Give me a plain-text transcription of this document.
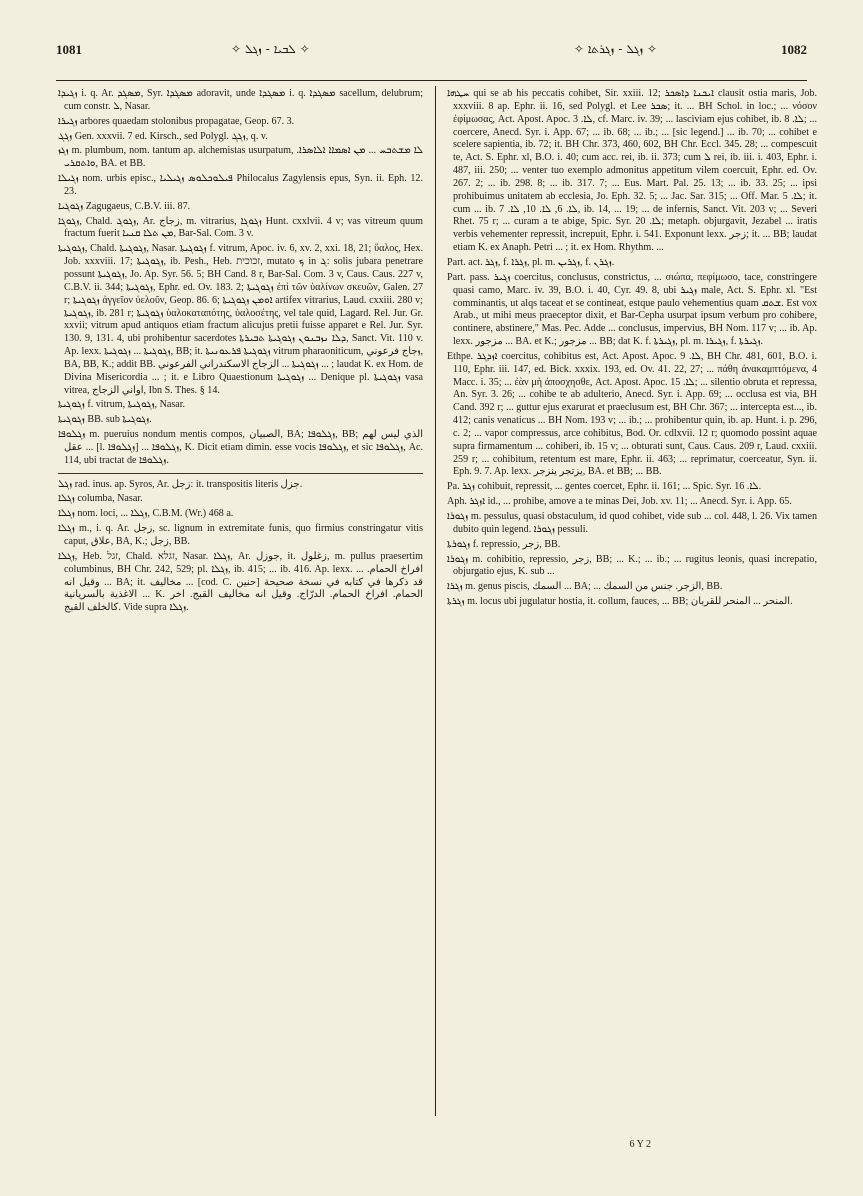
1081	✧ ܠܒܝܐ - ܙܓܠ ✧	✧ ܙܓܠ - ܙܓܪܬܐ ✧	1082

ܙܓܝܕܐ i. q. Ar. ܡܣܓܕ, Syr. ܡܣܓܕܐ adoravit, unde ܡܣܓܕܐ i. q. ܡܣܓܕܐ sacellum, delubrum; cum constr. ܠ, Nasar.

ܙܓܝܪܐ arbores quaedam stolonibus propagatae, Geop. 67. 3.

ܙܓܓ Gen. xxxvii. 7 ed. Kirsch., sed Polygl. ܙܓܓ, q. v.

ܙܓܙ m. plumbum, nom. tantum ap. alchemistas usurpatum, ܠܐ ܡܫܬܒܚ ... ܡܢ ܐܣܡܐܐ ܐܠܐܣܪܐ. ܘܐܬܩܪܝ, BA. et BB.

ܙܓܝܠܐ nom. urbis episc., ܦܝܠܘܟܠܘܣ ܙܓܝܠܝܐ Philocalus Zagylensis epus, Syn. ii. Eph. 12. 23.

ܙܓܘܓܝܐ Zagugaeus, C.B.V. iii. 87.

ܙܓܘܓܐ, Chald. ܙܓܘܓ, Ar. زجاج, m. vitrarius, ܙܓܘܓܐ Hunt. cxxlvii. 4 v; vas vitreum quum fractum fuerit ܡܢ ܬܠܐ ܩܢܝܐ, Bar-Sal. Com. 3 v.

ܙܓܘܓܝܬܐ, Chald. ܙܓܘܓܝܬܐ, Nasar. ܙܓܘܓܝܬܐ f. vitrum, Apoc. iv. 6, xv. 2, xxi. 18, 21; ὕαλος, Hex. Job. xxxviii. 17; ܙܓܘܓܝܬܐ, ib. Pesh., Heb. זכוכית, mutato ܟ in ܓ: solis jubara penetrare possunt ܙܓܘܓܝܬܐ, Jo. Ap. Syr. 56. 5; BH Cand. 8 r, Bar-Sal. Com. 3 v, Caus. Caus. 227 v, C.B.V. ii. 344; ܙܓܘܓܝܬܐ, Ephr. ed. Ov. 183. 2; ܙܓܘܓܝܬܐ ἐπὶ τῶν ὑαλίνων σκευῶν, Galen. 27 r; ܙܓܘܓܝܬܐ ἀγγεῖον ὑελοῦν, Geop. 86. 6; ܐܘܡܢ ܙܓܘܓܝܬܐ artifex vitrarius, Laud. cxxiii. 280 v; ܙܓܘܓܝܬܐ, ib. 281 r; ܙܓܘܓܝܬܐ ὑαλοκαταπότης, ὑαλοσέτης, vel tale quid, Lagard. Rel. Jur. Gr. xxvii; vitrum apud antiquos etiam fractum alicujus pretii fuisse apparet e Rel. Jur. Syr. 130. 9, 131. 4, ubi prohibentur sacerdotes ܕܠܐ ܢܙܒܢܘܢ ܙܓܘܓܝܬܐ ܬܒܝܪܬܐ, Sanct. Vit. 110 v. Ap. lexx. ܙܓܘܓܝܬܐ ... ܙܓܘܓܝܬܐ, BB; it. ܙܓܘܓܝܬܐ ܦܪܥܘܢܝܬܐ vitrum pharaoniticum, ܙجاج فرعوني, BA, BB, K.; addit BB. ܙܓܘܓܝܬܐ ... الزجاج الاسكندراني الفرعوني ... ; laudat K. ex Hom. de Divina Misericordia ... ; it. e Libro Quaestionum ܙܓܘܓܝܬܐ ... Denique pl. ܙܓܘܓܝܬܐ vasa vitrea, اواني الزجاج, Ibn S. Thes. § 14.

ܙܓܘܓܝܬܐ f. vitrum, ܙܓܘܓܝܬܐ, Nasar.

ܙܓܘܓܝܬܐ BB. sub ܙܓܘܓܝܬܐ.

ܙܓܠܘܦܐ m. pueruius nondum mentis compos, الصبيان, BA; ܙܓܠܘܦܐ, BB; الذي ليس لهم عقل ... [l. ܙܓܠܘܦܐ] ... ܙܓܠܘܦܐ, K. Dicit etiam dimin. esse vocis ܙܓܠܘܦܐ, et sic ܙܓܠܘܦܐ, Ac. 114, ubi tractat de ܙܓܠܘܦܐ.

ܙܓܠ rad. inus. ap. Syros, Ar. زجل: it. transpositis literis جزل.

ܙܓܠܐ columba, Nasar.

ܙܓܠܐ nom. loci, ... ܙܓܠܐ, C.B.M. (Wr.) 468 a.

ܙܓܠܐ m., i. q. Ar. زجل, sc. lignum in extremitate funis, quo firmius constringatur vitis caput, علاق, BA, K.; زجل, BB.

ܙܓܠܐ, Heb. זגל, Chald. זגלא, Nasar. ܙܓܠܐ, Ar. جوزل, it. زغلول, m. pullus praesertim columbinus, BH Chr. 242, 529; pl. ܙܓܠܐ, ib. 415; ... ib. 416. Ap. lexx. ... افراخ الحمام. وقيل انه ... BA; it. مخاليف ... [cod. C. حنين] قد ذكرها في كتابه في نسخة صحيحة الاغذية بالسريانية ... K. الحمام. افراخ الحمام. الدرّاج. وقيل انه مخاليف القبج. اخر كالخلف القبج. Vide supra ܙܓܠܐ.

ܚܛܗܐ qui se ab his peccatis cohibet, Sir. xxiii. 12; ܐܝܟܢܐ ܕܐܣܟܪ clausit ostia maris, Job. xxxviii. 8 ap. Ephr. ii. 16, sed Polygl. et Lee ܣܟܪ; it. ... BH Schol. in loc.; ... νόσον ἐφίμωσας, Act. Apost. Apoc. ܠܐ. 3, cf. Marc. iv. 39; ... lasciviam ejus cohibet, ib. ܠܐ. 8; ... coercere, Anecd. Syr. i. App. 67; ... ib. 68; ... ib.; ... [sic legend.] ... ib. 70; ... cohibet e scelere sapientia, ib. 72; it. BH Chr. 373, 460, 602, BH Chr. Eccl. 345. 28; ... compescuit te, Act. S. Ephr. xl, B.O. i. 40; cum acc. rei, ib. ii. 373; cum ܠ rei, ib. iii. i. 403, Ephr. i. 487, iii. 250; ... venter tuo exemplo admonitus appetitum vilem coercuit, Ephr. ed. Ov. 267. 2; ... ib. 298. 8; ... ib. 317. 7; ... Eus. Mart. Pal. 25. 13; ... ib. 33. 25; ... ipsi prohibuimus unitatem ab ecclesia, Jo. Eph. 32. 5; ... Jac. Sar. 315; ... Off. Mar. ܠܐ. 5; it. cum ... ib. ܠܐ. 6, ܠܐ. 10, ܠܐ. 7, ib. 14, ... 19; ... de infernis, Sanct. Vit. 203 v; ... Severi Rhet. 75 r; ... curam a te abige, Spic. Syr. ܠܐ. 20; metaph. objurgavit, Jezabel ... iratis verbis vehementer repressit, increpuit, Ephr. i. 541. Exponunt lexx. زجر; it. ... BB; laudat etiam K. ex Anaph. Petri ... ; it. ex Hom. Rhythm. ...

Part. act. ܙܓܪ, f. ܙܓܪܐ, pl. m. ܙܓܪܝܢ, f. ܙܓܪܢ.

Part. pass. ܙܓܝܪ coercitus, conclusus, constrictus, ... σιώπα, πεφίμωσο, tace, constringere quasi camo, Marc. iv. 39, B.O. i. 40, Cyr. 49. 8, ubi ܙܓܝܪ male, Act. S. Ephr. xl. "Est comminantis, ut alqs taceat et se contineat, estque paulo vehementius quam ܫܬܩ. Est vox Arab., ut mihi meus praeceptor dixit, et Bar-Cepha usurpat ipsum verbum pro cohibere, continere, abstinere," Mas. Pec. Adde ... conclusus, impervius, BH Nom. 117 v; ... ib. Ap. lexx. مزجور ... BA. et K.; مزجور ... BB; dat K. f. ܙܓܝܪܬܐ, pl. m. ܙܓܝܪܐ, f. ܙܓܝܪܬܐ.

Ethpe. ܐܙܕܓܪ coercitus, cohibitus est, Act. Apost. Apoc. ܠܐ. 9, BH Chr. 481, 601, B.O. i. 110, Ephr. iii. 147, ed. Bick. xxxix. 193, ed. Ov. 41. 22, 27; ... πάθη ἀνακαμπτόμενα, 4 Macc. i. 35; ... ἐὰν μὴ ἀποσχησθε, Act. Apost. Apoc. ܠܐ. 15; ... silentio obruta et repressa, An. Syr. 3. 26; ... cohibe te ab adulterio, Anecd. Syr. i. App. 69; ... occlusa est via, BH Cand. 392 r; ... guttur ejus exarurat et praeclusum est, BH Chr. 367; ... intercepta est..., ib. 412; canis venaticus ... BH Nom. 193 v; ... ib.; ... prohibentur quin, ib. ap. Hunt. i. p. 296, c. 2; ... vapor compressus, arce cohibitus, Bod. Or. cdlxvii. 12 r; quomodo possint aquae supra firmamentum ... cohiberi, ib. 15 v; ... obturati sunt, Caus. Caus. 209 r, Laud. cxxiii. 259 r; ... cohibitum, retentum est mare, Ephr. ii. 463; ... reprimatur, coerceatur, Syn. ii. Eph. 9. 7. Ap. lexx. يزتجر ينزجر, BA. et BB; ... BB.

Pa. ܙܓܪ cohibuit, repressit, ... gentes coercet, Ephr. ii. 161; ... Spic. Syr. ܠܐ. 16.

Aph. ܐܙܓܪ id., ... prohibe, amove a te minas Dei, Job. xv. 11; ... Anecd. Syr. i. App. 65.

ܙܓܘܪܐ m. pessulus, quasi obstaculum, id quod cohibet, vide sub ... col. 448, l. 26. Vix tamen dubito quin legend. ܙܓܘܪܐ pessuli.

ܙܓܘܪܬܐ f. repressio, زجر, BB.

ܙܓܘܪܐ m. cohibitio, repressio, زجر, BB; ... K.; ... ib.; ... rugitus leonis, quasi increpatio, objurgatio ejus, K. sub ...

ܙܓܪܐ m. genus piscis, السمك ... BA; ... الزجر. جنس من السمك, BB.

ܙܓܪܬܐ m. locus ubi jugulatur hostia, it. collum, fauces, ... BB; المنحر ... المنحر للقربان.

6 Y 2
